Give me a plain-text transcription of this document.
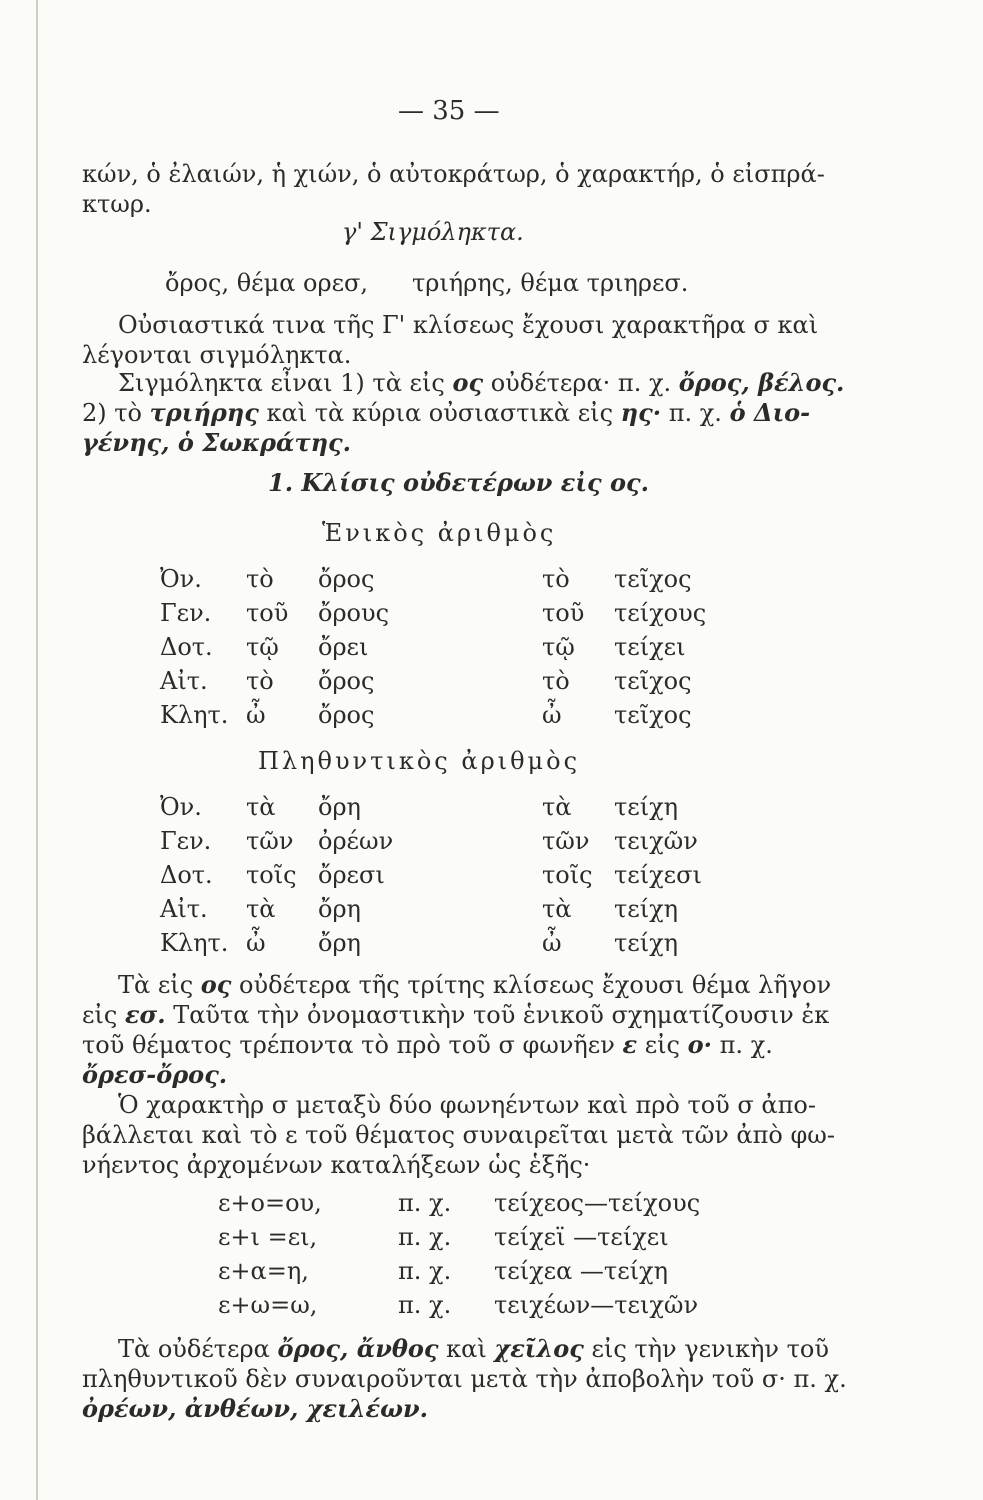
— 35 —
κών, ὁ ἐλαιών, ἡ χιών, ὁ αὐτοκράτωρ, ὁ χαρακτήρ, ὁ εἰσπρά-
κτωρ.
γ' Σιγμόληκτα.
ὄρος, θέμα ορεσ, τριήρης, θέμα τριηρεσ.
Οὐσιαστικά τινα τῆς Γ' κλίσεως ἔχουσι χαρακτῆρα σ καὶ
λέγονται σιγμόληκτα.
Σιγμόληκτα εἶναι 1) τὰ εἰς ος οὐδέτερα· π. χ. ὄρος, βέλος.
2) τὸ τριήρης καὶ τὰ κύρια οὐσιαστικὰ εἰς ης· π. χ. ὁ Διο-
γένης, ὁ Σωκράτης.
1. Κλίσις οὐδετέρων εἰς ος.
Ἑνικὸς ἀριθμὸς
Ὀν. τὸ ὄρος	τὸ τεῖχος
Γεν. τοῦ ὄρους	τοῦ τείχους
Δοτ. τῷ ὄρει	τῷ τείχει
Αἰτ. τὸ ὄρος	τὸ τεῖχος
Κλητ. ὦ ὄρος	ὦ τεῖχος
Πληθυντικὸς ἀριθμὸς
Ὀν. τὰ ὄρη	τὰ τείχη
Γεν. τῶν ὀρέων	τῶν τειχῶν
Δοτ. τοῖς ὄρεσι	τοῖς τείχεσι
Αἰτ. τὰ ὄρη	τὰ τείχη
Κλητ. ὦ ὄρη	ὦ τείχη
Τὰ εἰς ος οὐδέτερα τῆς τρίτης κλίσεως ἔχουσι θέμα λῆγον
εἰς εσ. Ταῦτα τὴν ὀνομαστικὴν τοῦ ἑνικοῦ σχηματίζουσιν ἐκ
τοῦ θέματος τρέποντα τὸ πρὸ τοῦ σ φωνῆεν ε εἰς ο· π. χ.
ὄρεσ-ὄρος.
Ὁ χαρακτὴρ σ μεταξὺ δύο φωνηέντων καὶ πρὸ τοῦ σ ἀπο-
βάλλεται καὶ τὸ ε τοῦ θέματος συναιρεῖται μετὰ τῶν ἀπὸ φω-
νήεντος ἀρχομένων καταλήξεων ὡς ἑξῆς·
ε+ο=ου,	π. χ. τείχεος—τείχους
ε+ι =ει,	π. χ. τείχεϊ —τείχει
ε+α=η,	π. χ. τείχεα —τείχη
ε+ω=ω,	π. χ. τειχέων—τειχῶν
Τὰ οὐδέτερα ὄρος, ἄνθος καὶ χεῖλος εἰς τὴν γενικὴν τοῦ
πληθυντικοῦ δὲν συναιροῦνται μετὰ τὴν ἀποβολὴν τοῦ σ· π. χ.
ὀρέων, ἀνθέων, χειλέων.
